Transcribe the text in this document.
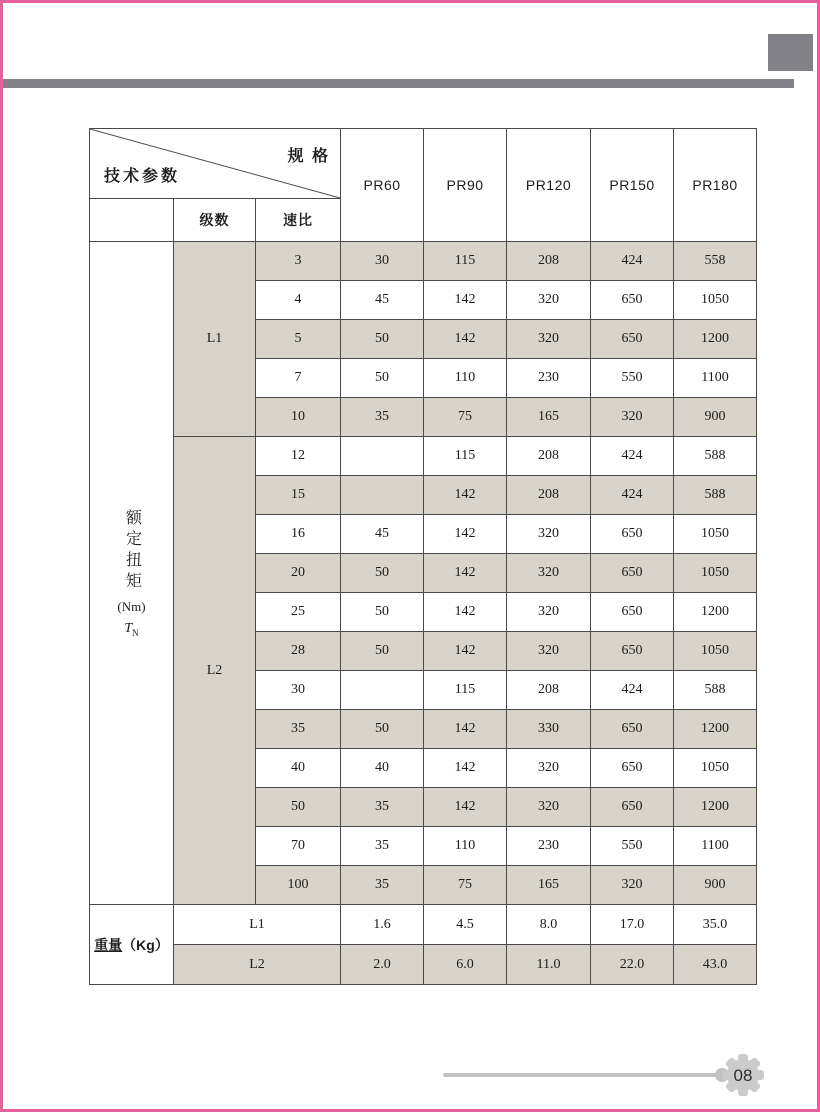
规 格
技术参数			PR60	PR90	PR120	PR150	PR180
	级数	速比					

额定扭矩
(Nm)
$T_N$	L1	3	30	115	208	424	558
		4	45	142	320	650	1050
		5	50	142	320	650	1200
		7	50	110	230	550	1100
		10	35	75	165	320	900
	L2	12		115	208	424	588
		15		142	208	424	588
		16	45	142	320	650	1050
		20	50	142	320	650	1050
		25	50	142	320	650	1200
		28	50	142	320	650	1050
		30		115	208	424	588
		35	50	142	330	650	1200
		40	40	142	320	650	1050
		50	35	142	320	650	1200
		70	35	110	230	550	1100
		100	35	75	165	320	900
重量（Kg）	L1		1.6	4.5	8.0	17.0	35.0
	L2		2.0	6.0	11.0	22.0	43.0
08
